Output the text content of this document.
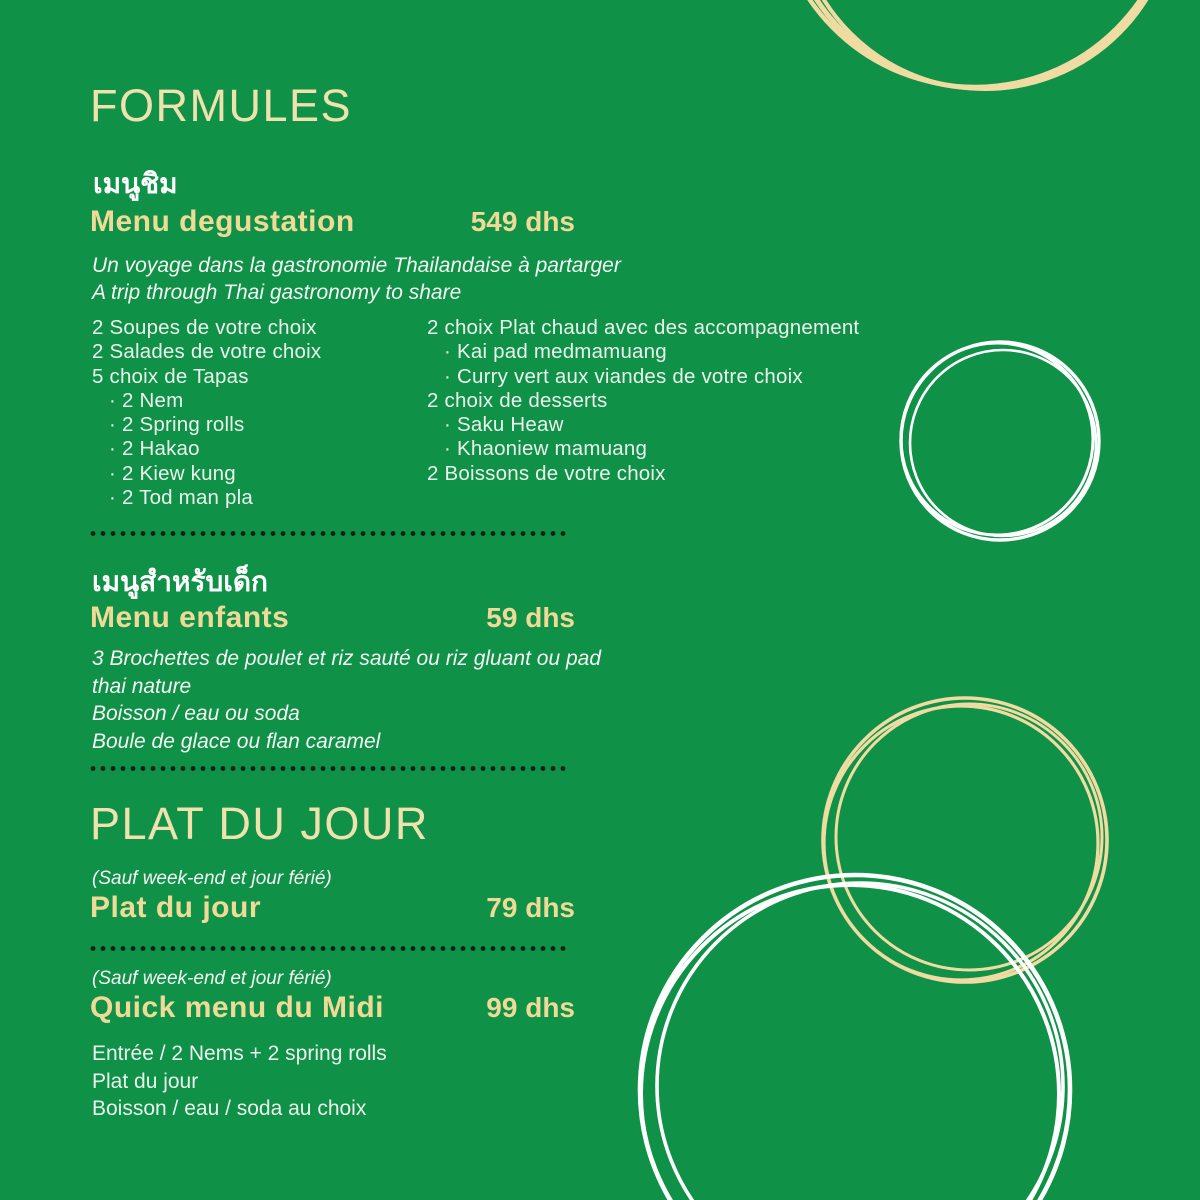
FORMULES
เมนูชิม
Menu degustation	549 dhs
Un voyage dans la gastronomie Thailandaise à partarger
A trip through Thai gastronomy to share
2 Soupes de votre choix
2 Salades de votre choix
5 choix de Tapas
· 2 Nem
· 2 Spring rolls
· 2 Hakao
· 2 Kiew kung
· 2 Tod man pla
2 choix Plat chaud avec des accompagnement
· Kai pad medmamuang
· Curry vert aux viandes de votre choix
2 choix de desserts
· Saku Heaw
· Khaoniew mamuang
2 Boissons de votre choix
เมนูสำหรับเด็ก
Menu enfants	59 dhs
3 Brochettes de poulet et riz sauté ou riz gluant ou pad
thai nature
Boisson / eau ou soda
Boule de glace ou flan caramel
PLAT DU JOUR
(Sauf week-end et jour férié)
Plat du jour	79 dhs
(Sauf week-end et jour férié)
Quick menu du Midi	99 dhs
Entrée / 2 Nems + 2 spring rolls
Plat du jour
Boisson / eau / soda au choix
